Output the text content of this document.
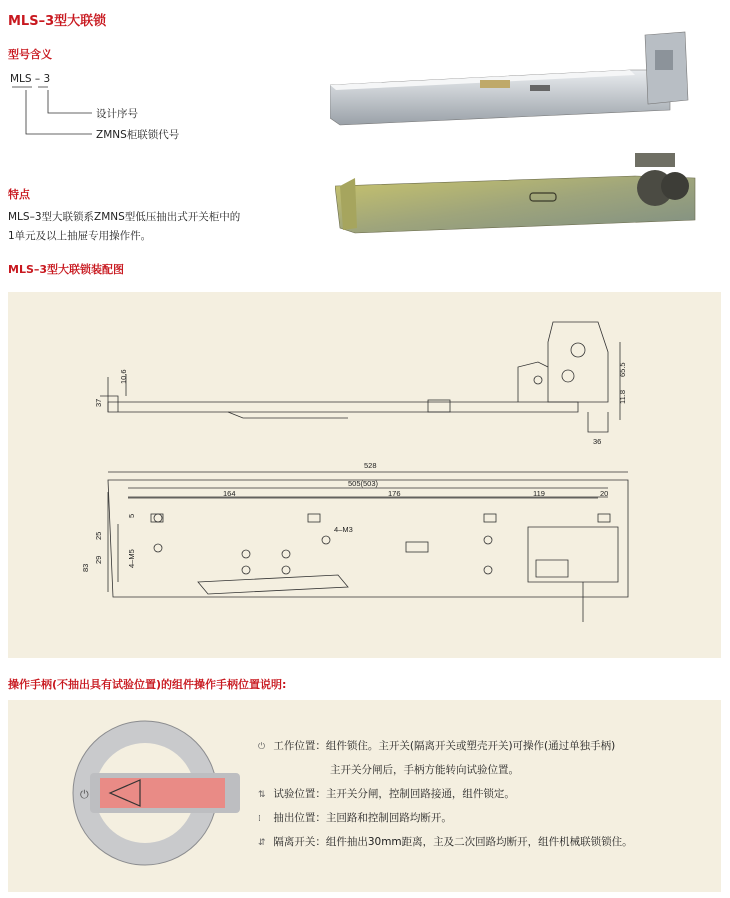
MLS–3型大联锁
型号含义
MLS – 3
设计序号
ZMNS柜联锁代号
特点
MLS–3型大联锁系ZMNS型低压抽出式开关柜中的
1单元及以上抽屉专用操作件。
MLS–3型大联锁装配图
10.6
37
65.5
11.8
36
528
505(503)
164	176	119	20
5
4–M3
25
29	4–M5
83
操作手柄(不抽出具有试验位置)的组件操作手柄位置说明:
⏻
⏻ 工作位置：组件锁住。主开关(隔离开关或塑壳开关)可操作(通过单独手柄)
主开关分闸后，手柄方能转向试验位置。
⇅ 试验位置：主开关分闸，控制回路接通，组件锁定。
⁞ 抽出位置：主回路和控制回路均断开。
⇵ 隔离开关：组件抽出30mm距离，主及二次回路均断开，组件机械联锁锁住。
